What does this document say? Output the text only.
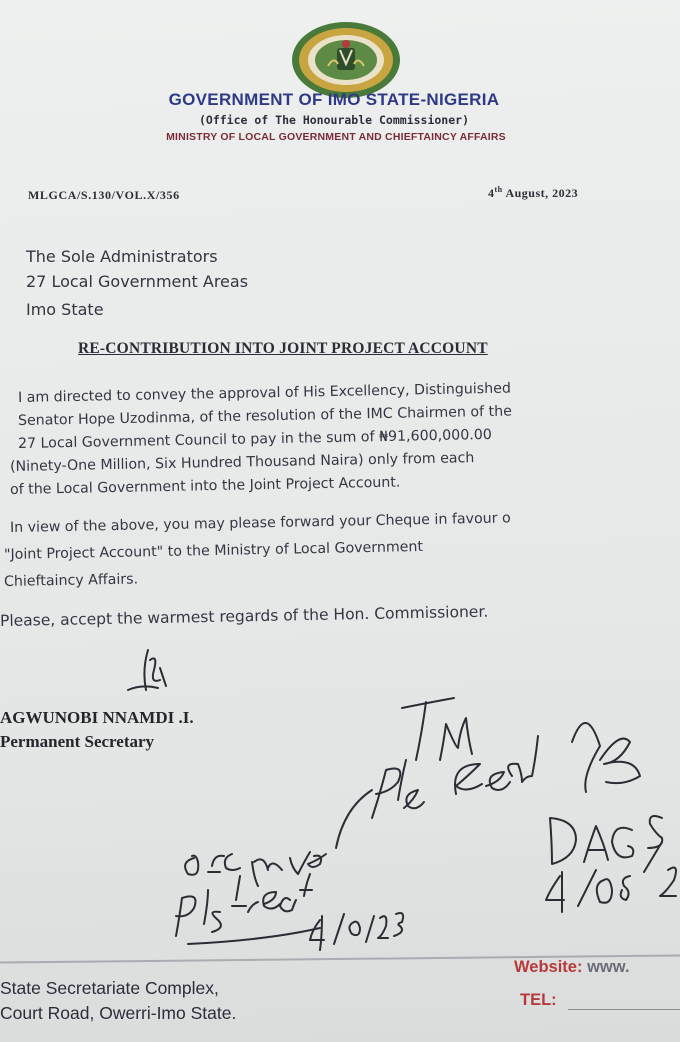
GOVERNMENT OF IMO STATE-NIGERIA
(Office of The Honourable Commissioner)
MINISTRY OF LOCAL GOVERNMENT AND CHIEFTAINCY AFFAIRS
MLGCA/S.130/VOL.X/356	4th August, 2023
The Sole Administrators
27 Local Government Areas
Imo State
RE-CONTRIBUTION INTO JOINT PROJECT ACCOUNT
I am directed to convey the approval of His Excellency, Distinguished
Senator Hope Uzodinma, of the resolution of the IMC Chairmen of the
27 Local Government Council to pay in the sum of ₦91,600,000.00
(Ninety-One Million, Six Hundred Thousand Naira) only from each
of the Local Government into the Joint Project Account.
In view of the above, you may please forward your Cheque in favour o
"Joint Project Account" to the Ministry of Local Government
Chieftaincy Affairs.
Please, accept the warmest regards of the Hon. Commissioner.
AGWUNOBI NNAMDI .I.
Permanent Secretary
State Secretariate Complex,
Court Road, Owerri-Imo State.
Website: www.
TEL:
